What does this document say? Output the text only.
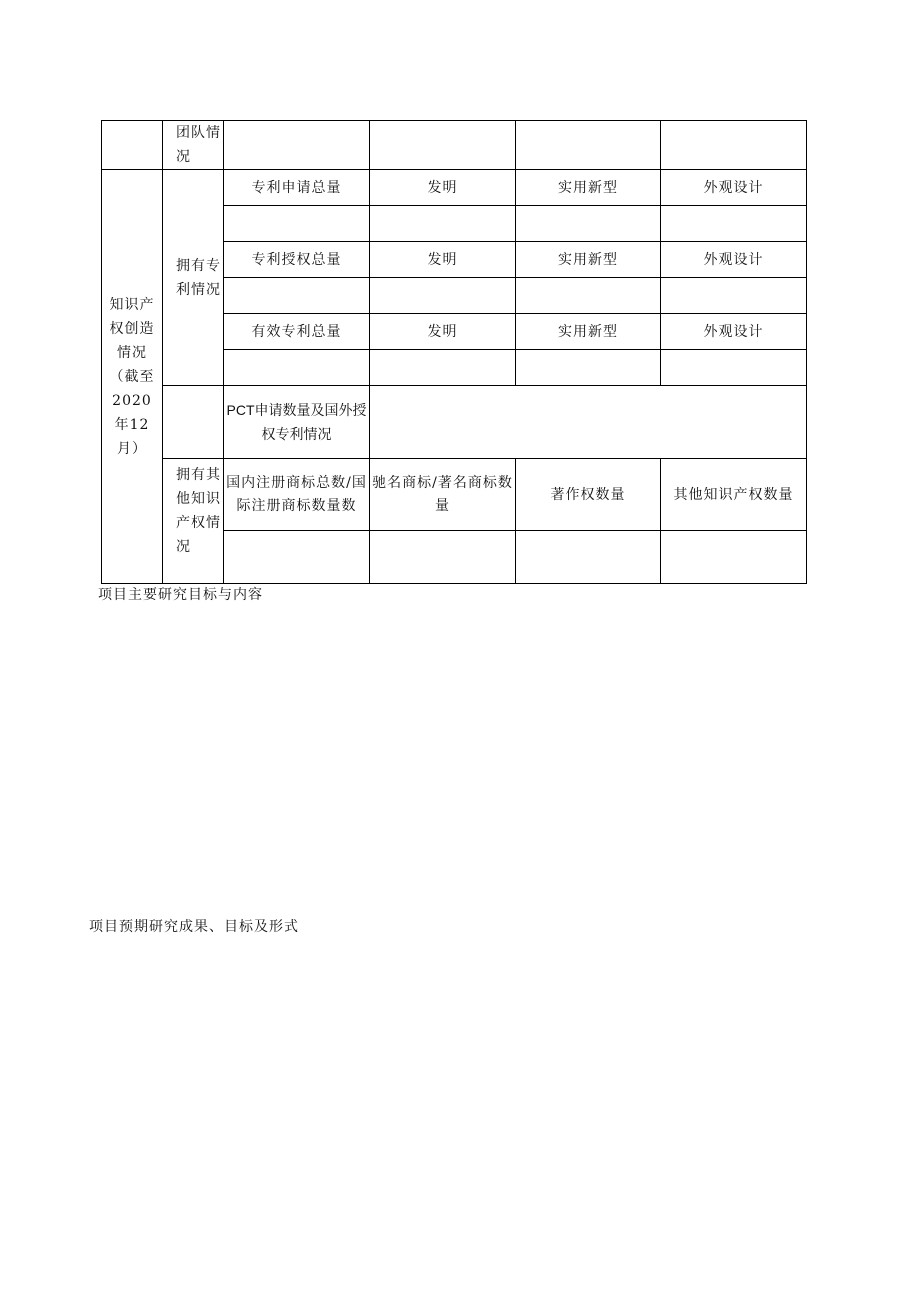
	团队情况				
知识产权创造情况（截至2020年12月）	拥有专利情况	专利申请总量	发明	实用新型	外观设计

		专利授权总量	发明	实用新型	外观设计

		有效专利总量	发明	实用新型	外观设计

		PCT申请数量及国外授权专利情况			
	拥有其他知识产权情况	国内注册商标总数/国际注册商标数量数	驰名商标/著名商标数量	著作权数量	其他知识产权数量

项目主要研究目标与内容

项目预期研究成果、目标及形式
